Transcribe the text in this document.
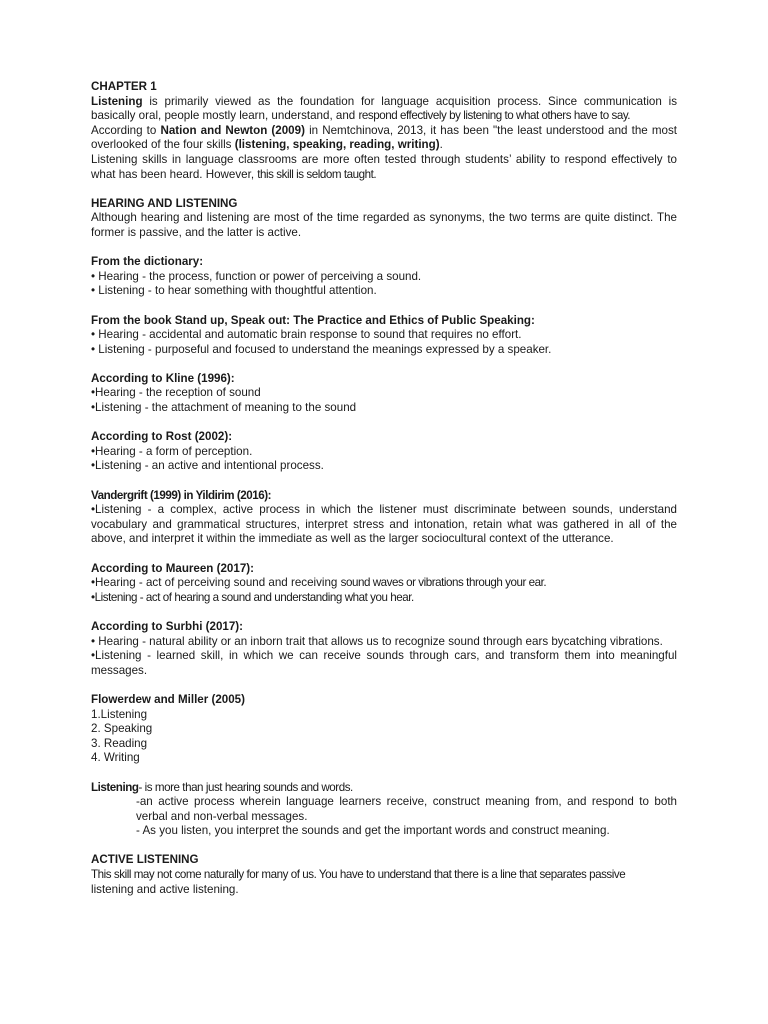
CHAPTER 1

Listening is primarily viewed as the foundation for language acquisition process. Since communication is basically oral, people mostly learn, understand, and respond effectively by listening to what others have to say.

According to Nation and Newton (2009) in Nemtchinova, 2013, it has been "the least understood and the most overlooked of the four skills (listening, speaking, reading, writing).

Listening skills in language classrooms are more often tested through students’ ability to respond effectively to what has been heard. However, this skill is seldom taught.

HEARING AND LISTENING

Although hearing and listening are most of the time regarded as synonyms, the two terms are quite distinct. The former is passive, and the latter is active.

From the dictionary:

• Hearing - the process, function or power of perceiving a sound.

• Listening - to hear something with thoughtful attention.

From the book Stand up, Speak out: The Practice and Ethics of Public Speaking:

• Hearing - accidental and automatic brain response to sound that requires no effort.

• Listening - purposeful and focused to understand the meanings expressed by a speaker.

According to Kline (1996):

•Hearing - the reception of sound

•Listening - the attachment of meaning to the sound

According to Rost (2002):

•Hearing - a form of perception.

•Listening - an active and intentional process.

Vandergrift (1999) in Yildirim (2016):

•Listening - a complex, active process in which the listener must discriminate between sounds, understand vocabulary and grammatical structures, interpret stress and intonation, retain what was gathered in all of the above, and interpret it within the immediate as well as the larger sociocultural context of the utterance.

According to Maureen (2017):

•Hearing - act of perceiving sound and receiving sound waves or vibrations through your ear.

•Listening - act of hearing a sound and understanding what you hear.

According to Surbhi (2017):

• Hearing - natural ability or an inborn trait that allows us to recognize sound through ears bycatching vibrations.

•Listening - learned skill, in which we can receive sounds through cars, and transform them into meaningful messages.

Flowerdew and Miller (2005)

1.Listening

2. Speaking

3. Reading

4. Writing

Listening- is more than just hearing sounds and words.

-an active process wherein language learners receive, construct meaning from, and respond to both verbal and non-verbal messages.

- As you listen, you interpret the sounds and get the important words and construct meaning.

ACTIVE LISTENING

This skill may not come naturally for many of us. You have to understand that there is a line that separates passive

listening and active listening.
